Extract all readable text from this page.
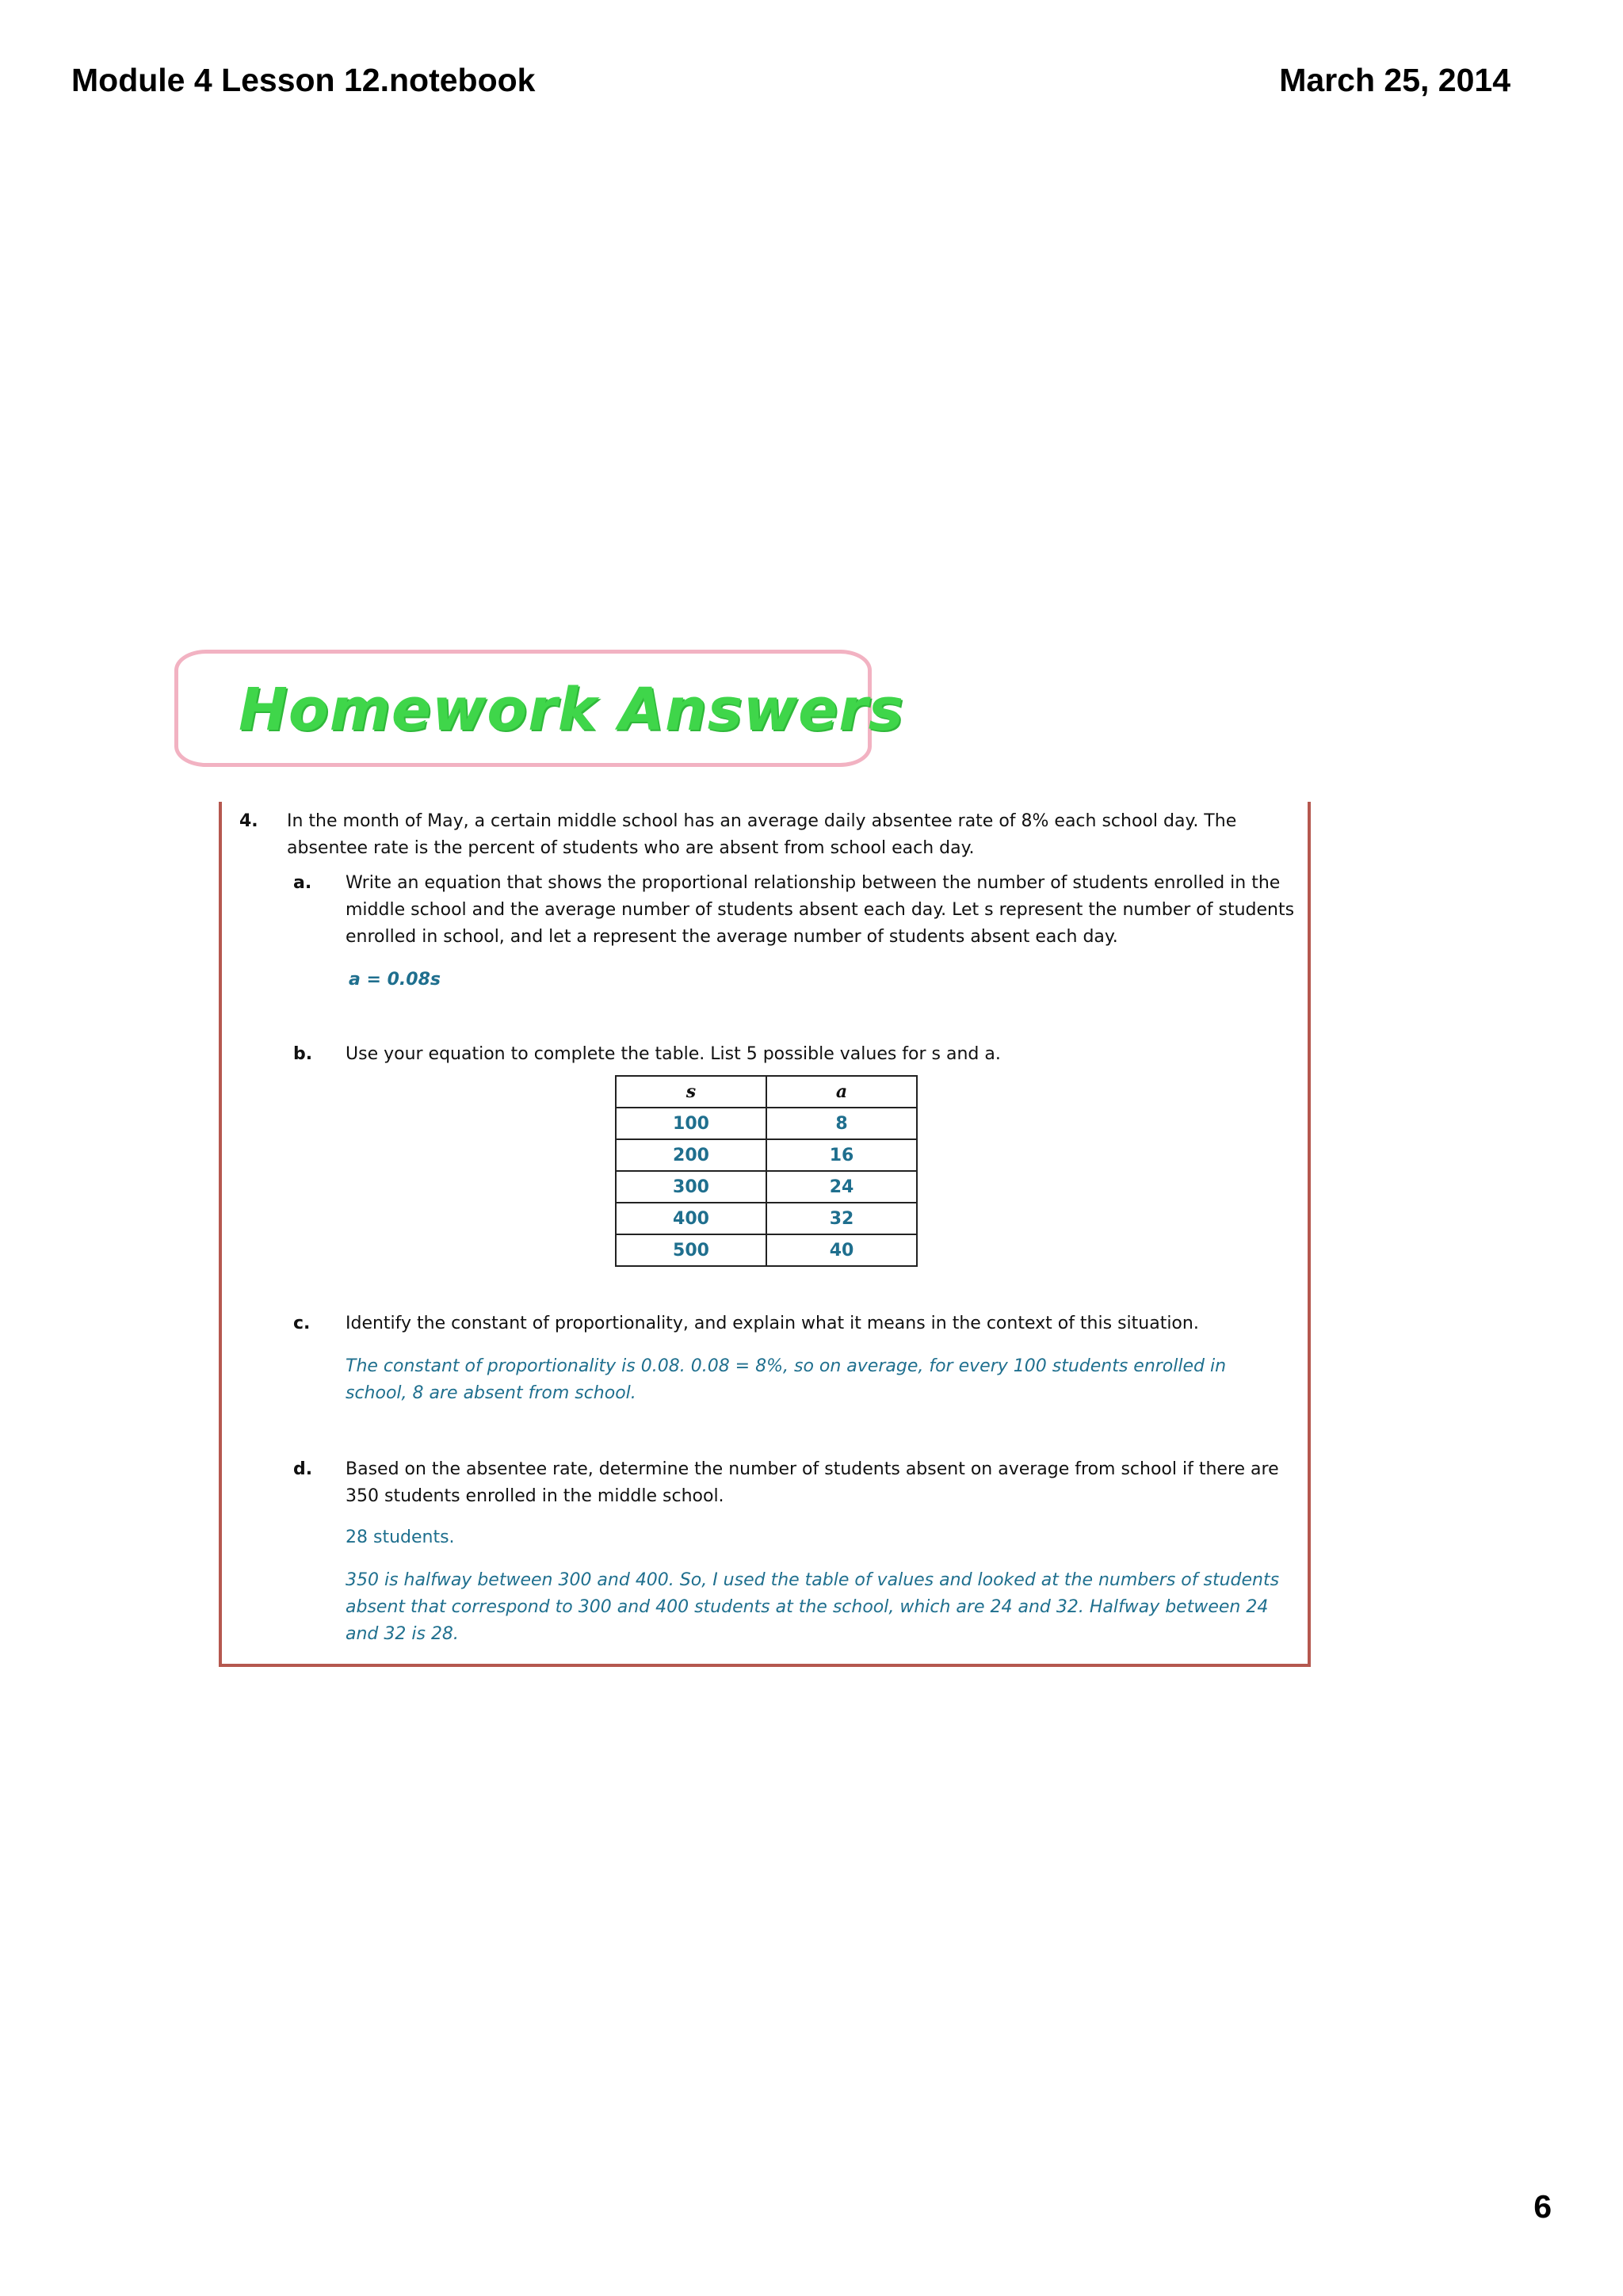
Module 4 Lesson 12.notebook	March 25, 2014
Homework Answers
4. In the month of May, a certain middle school has an average daily absentee rate of 8% each school day. The
absentee rate is the percent of students who are absent from school each day.
a. Write an equation that shows the proportional relationship between the number of students enrolled in the
middle school and the average number of students absent each day. Let s represent the number of students
enrolled in school, and let a represent the average number of students absent each day.
a = 0.08s
b. Use your equation to complete the table. List 5 possible values for s and a.
s	a
100	8
200	16
300	24
400	32
500	40
c. Identify the constant of proportionality, and explain what it means in the context of this situation.
The constant of proportionality is 0.08. 0.08 = 8%, so on average, for every 100 students enrolled in
school, 8 are absent from school.
d. Based on the absentee rate, determine the number of students absent on average from school if there are
350 students enrolled in the middle school.
28 students.
350 is halfway between 300 and 400. So, I used the table of values and looked at the numbers of students
absent that correspond to 300 and 400 students at the school, which are 24 and 32. Halfway between 24
and 32 is 28.
6
